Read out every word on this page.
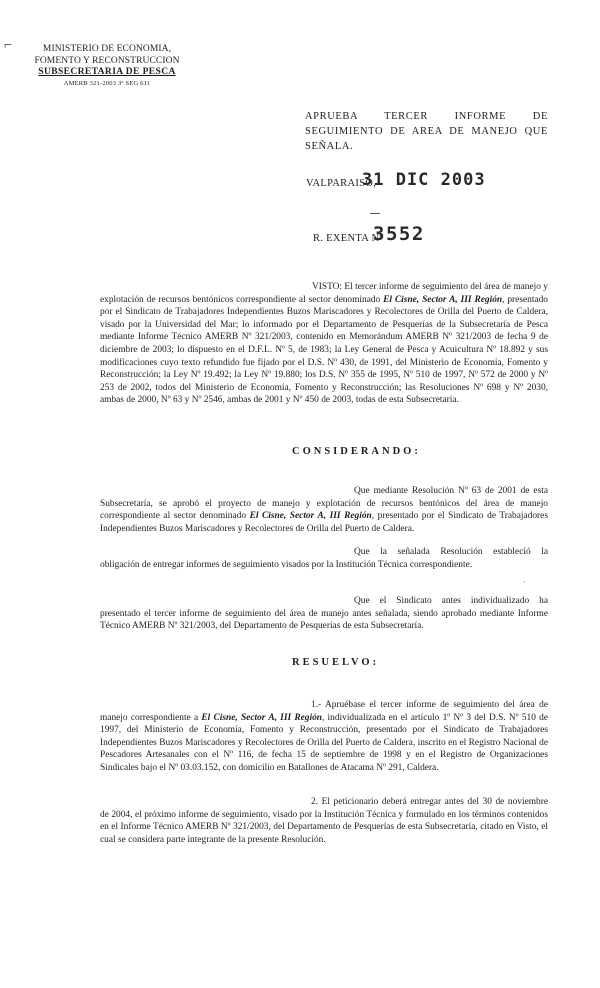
⌐	MINISTERIO DE ECONOMIA,
FOMENTO Y RECONSTRUCCION
SUBSECRETARIA DE PESCA
AMERB 321-2003 3º SEG 611
APRUEBA TERCER INFORME DE SEGUIMIENTO DE AREA DE MANEJO QUE SEÑALA.
VALPARAISO,
31 DIC 2003
R. EXENTA Nº
3552

VISTO: El tercer informe de seguimiento del área de manejo y explotación de recursos bentónicos correspondiente al sector denominado El Cisne, Sector A, III Región, presentado por el Sindicato de Trabajadores Independientes Buzos Mariscadores y Recolectores de Orilla del Puerto de Caldera, visado por la Universidad del Mar; lo informado por el Departamento de Pesquerías de la Subsecretaría de Pesca mediante Informe Técnico AMERB Nº 321/2003, contenido en Memorándum AMERB Nº 321/2003 de fecha 9 de diciembre de 2003; lo dispuesto en el D.F.L. Nº 5, de 1983; la Ley General de Pesca y Acuicultura Nº 18.892 y sus modificaciones cuyo texto refundido fue fijado por el D.S. Nº 430, de 1991, del Ministerio de Economía, Fomento y Reconstrucción; la Ley Nº 19.492; la Ley Nº 19.880; los D.S. Nº 355 de 1995, Nº 510 de 1997, Nº 572 de 2000 y Nº 253 de 2002, todos del Ministerio de Economía, Fomento y Reconstrucción; las Resoluciones Nº 698 y Nº 2030, ambas de 2000, Nº 63 y Nº 2546, ambas de 2001 y Nº 450 de 2003, todas de esta Subsecretaría.

CONSIDERANDO:

Que mediante Resolución Nº 63 de 2001 de esta Subsecretaría, se aprobó el proyecto de manejo y explotación de recursos bentónicos del área de manejo correspondiente al sector denominado El Cisne, Sector A, III Región, presentado por el Sindicato de Trabajadores Independientes Buzos Mariscadores y Recolectores de Orilla del Puerto de Caldera.

Que la señalada Resolución estableció la obligación de entregar informes de seguimiento visados por la Institución Técnica correspondiente.

·

Que el Sindicato antes individualizado ha presentado el tercer informe de seguimiento del área de manejo antes señalada, siendo aprobado mediante Informe Técnico AMERB Nº 321/2003, del Departamento de Pesquerías de esta Subsecretaría.

RESUELVO:

1.- Apruébase el tercer informe de seguimiento del área de manejo correspondiente a El Cisne, Sector A, III Región, individualizada en el artículo 1º Nº 3 del D.S. Nº 510 de 1997, del Ministerio de Economía, Fomento y Reconstrucción, presentado por el Sindicato de Trabajadores Independientes Buzos Mariscadores y Recolectores de Orilla del Puerto de Caldera, inscrito en el Registro Nacional de Pescadores Artesanales con el Nº 116, de fecha 15 de septiembre de 1998 y en el Registro de Organizaciones Sindicales bajo el Nº 03.03.152, con domicilio en Batallones de Atacama Nº 291, Caldera.

2. El peticionario deberá entregar antes del 30 de noviembre de 2004, el próximo informe de seguimiento, visado por la Institución Técnica y formulado en los términos contenidos en el Informe Técnico AMERB Nº 321/2003, del Departamento de Pesquerías de esta Subsecretaría, citado en Visto, el cual se considera parte integrante de la presente Resolución.
